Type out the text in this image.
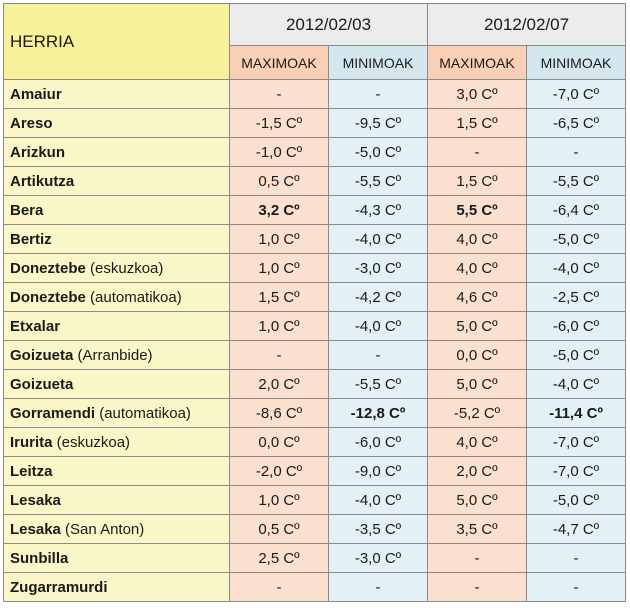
HERRIA	2012/02/03		2012/02/07	
	MAXIMOAK	MINIMOAK	MAXIMOAK	MINIMOAK
Amaiur	-	-	3,0 Cº	-7,0 Cº
Areso	-1,5 Cº	-9,5 Cº	1,5 Cº	-6,5 Cº
Arizkun	-1,0 Cº	-5,0 Cº	-	-
Artikutza	0,5 Cº	-5,5 Cº	1,5 Cº	-5,5 Cº
Bera	3,2 Cº	-4,3 Cº	5,5 Cº	-6,4 Cº
Bertiz	1,0 Cº	-4,0 Cº	4,0 Cº	-5,0 Cº
Doneztebe (eskuzkoa)	1,0 Cº	-3,0 Cº	4,0 Cº	-4,0 Cº
Doneztebe (automatikoa)	1,5 Cº	-4,2 Cº	4,6 Cº	-2,5 Cº
Etxalar	1,0 Cº	-4,0 Cº	5,0 Cº	-6,0 Cº
Goizueta (Arranbide)	-	-	0,0 Cº	-5,0 Cº
Goizueta	2,0 Cº	-5,5 Cº	5,0 Cº	-4,0 Cº
Gorramendi (automatikoa)	-8,6 Cº	-12,8 Cº	-5,2 Cº	-11,4 Cº
Irurita (eskuzkoa)	0,0 Cº	-6,0 Cº	4,0 Cº	-7,0 Cº
Leitza	-2,0 Cº	-9,0 Cº	2,0 Cº	-7,0 Cº
Lesaka	1,0 Cº	-4,0 Cº	5,0 Cº	-5,0 Cº
Lesaka (San Anton)	0,5 Cº	-3,5 Cº	3,5 Cº	-4,7 Cº
Sunbilla	2,5 Cº	-3,0 Cº	-	-
Zugarramurdi	-	-	-	-
